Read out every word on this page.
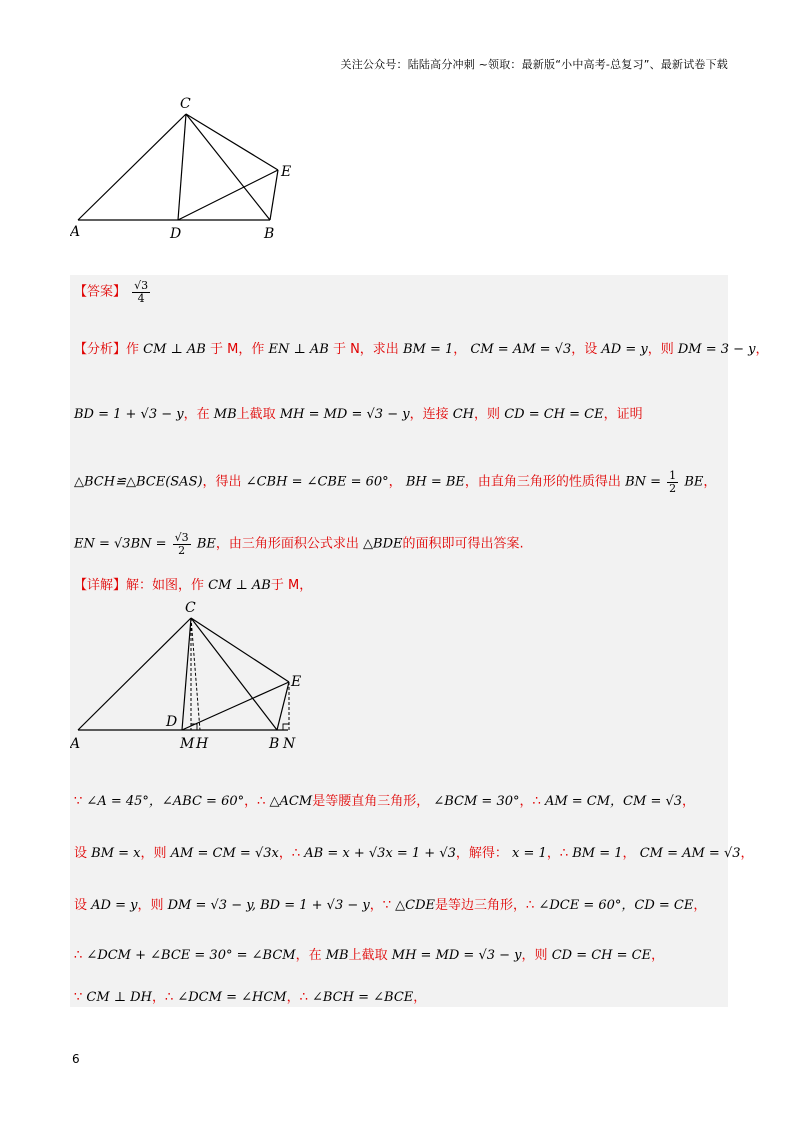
关注公众号：陆陆高分冲刺 ~领取：最新版“小中高考-总复习”、最新试卷下载
C
E
A	D	B
【答案】 $\frac{√3}{4}$
【分析】作 CM ⊥ AB 于 M，作 EN ⊥ AB 于 N，求出 BM = 1， CM = AM = √3，设 AD = y，则 DM = 3 − y，
BD = 1 + √3 − y，在 MB上截取 MH = MD = √3 − y，连接 CH，则 CD = CH = CE，证明
△BCH≌△BCE(SAS)，得出 ∠CBH = ∠CBE = 60°， BH = BE，由直角三角形的性质得出 BN = $\frac{1}{2}$ BE，
EN = $√3BN = \frac{√3}{2}$ BE，由三角形面积公式求出 △BDE的面积即可得出答案.
【详解】解：如图，作 CM ⊥ AB于 M，
C
E
D
A	M H	B N
∵ ∠A = 45°，∠ABC = 60°，∴ △ACM是等腰直角三角形， ∠BCM = 30°，∴ AM = CM，CM = √3，
设 BM = x，则 AM = CM = √3x，∴ AB = x + √3x = 1 + √3，解得： x = 1，∴ BM = 1， CM = AM = √3，
设 AD = y，则 DM = √3 − y, BD = 1 + √3 − y，∵ △CDE是等边三角形，∴ ∠DCE = 60°，CD = CE，
∴ ∠DCM + ∠BCE = 30° = ∠BCM，在 MB上截取 MH = MD = √3 − y，则 CD = CH = CE，
∵ CM ⊥ DH，∴ ∠DCM = ∠HCM，∴ ∠BCH = ∠BCE，
6
